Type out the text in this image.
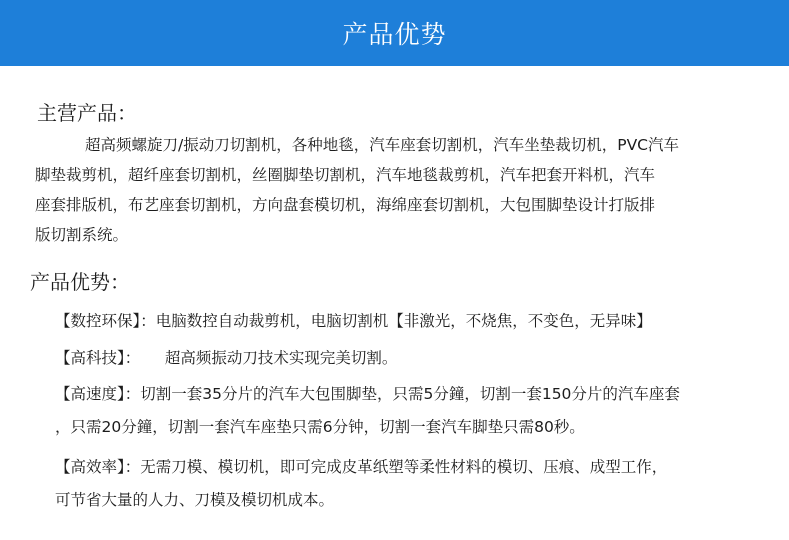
产品优势
主营产品：
超高频螺旋刀/振动刀切割机，各种地毯，汽车座套切割机，汽车坐垫裁切机，PVC汽车
脚垫裁剪机，超纤座套切割机，丝圈脚垫切割机，汽车地毯裁剪机，汽车把套开料机，汽车
座套排版机，布艺座套切割机，方向盘套模切机，海绵座套切割机，大包围脚垫设计打版排
版切割系统。
产品优势：
【数控环保】：电脑数控自动裁剪机，电脑切割机【非激光，不烧焦，不变色，无异味】
【高科技】：     超高频振动刀技术实现完美切割。
【高速度】：切割一套35分片的汽车大包围脚垫，只需5分鐘，切割一套150分片的汽车座套
，只需20分鐘，切割一套汽车座垫只需6分钟，切割一套汽车脚垫只需80秒。
【高效率】：无需刀模、模切机，即可完成皮革纸塑等柔性材料的模切、压痕、成型工作，
可节省大量的人力、刀模及模切机成本。
